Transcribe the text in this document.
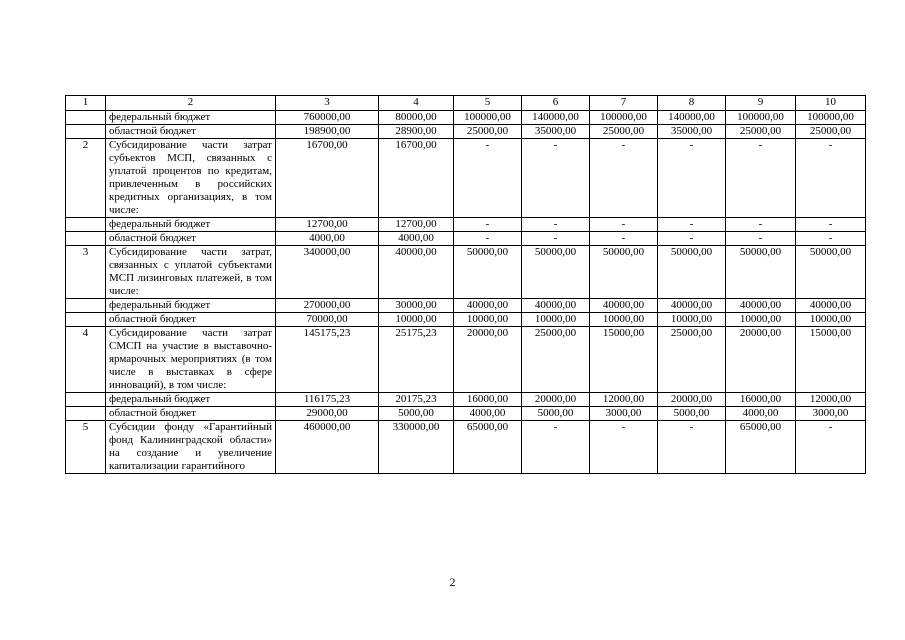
1	2	3	4	5	6	7	8	9	10
	федеральный бюджет	760000,00	80000,00	100000,00	140000,00	100000,00	140000,00	100000,00	100000,00
	областной бюджет	198900,00	28900,00	25000,00	35000,00	25000,00	35000,00	25000,00	25000,00
2	Субсидирование части затрат субъектов МСП, связанных с уплатой процентов по кредитам, привлеченным в российских кредитных организациях, в том числе:	16700,00	16700,00	-	-	-	-	-	-
	федеральный бюджет	12700,00	12700,00	-	-	-	-	-	-
	областной бюджет	4000,00	4000,00	-	-	-	-	-	-
3	Субсидирование части затрат, связанных с уплатой субъектами МСП лизинговых платежей, в том числе:	340000,00	40000,00	50000,00	50000,00	50000,00	50000,00	50000,00	50000,00
	федеральный бюджет	270000,00	30000,00	40000,00	40000,00	40000,00	40000,00	40000,00	40000,00
	областной бюджет	70000,00	10000,00	10000,00	10000,00	10000,00	10000,00	10000,00	10000,00
4	Субсидирование части затрат СМСП на участие в выставочно-ярмарочных мероприятиях (в том числе в выставках в сфере инноваций), в том числе:	145175,23	25175,23	20000,00	25000,00	15000,00	25000,00	20000,00	15000,00
	федеральный бюджет	116175,23	20175,23	16000,00	20000,00	12000,00	20000,00	16000,00	12000,00
	областной бюджет	29000,00	5000,00	4000,00	5000,00	3000,00	5000,00	4000,00	3000,00
5	Субсидии фонду «Гарантийный фонд Калининградской области» на создание и увеличение капитализации гарантийного	460000,00	330000,00	65000,00	-	-	-	65000,00	-
2
